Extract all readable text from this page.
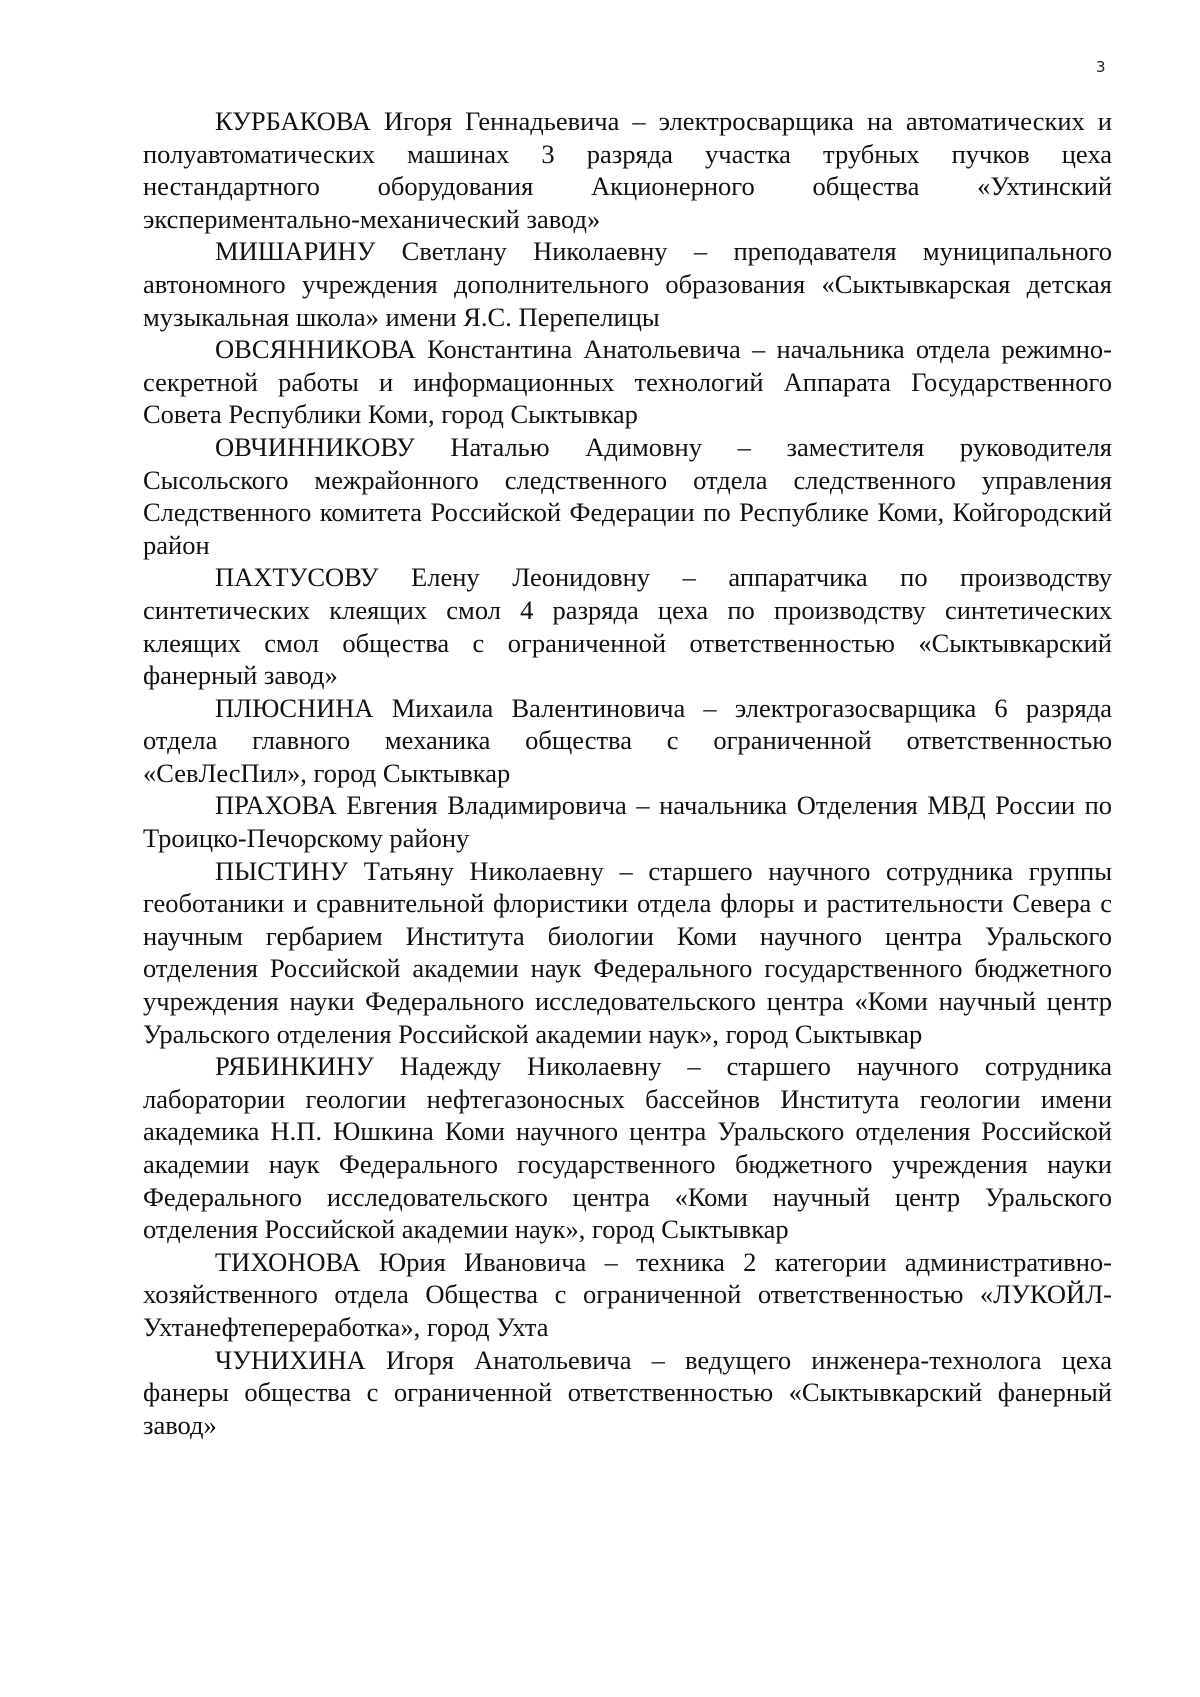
3

КУРБАКОВА Игоря Геннадьевича – электросварщика на автоматических и полуавтоматических машинах 3 разряда участка трубных пучков цеха нестандартного оборудования Акционерного общества «Ухтинский экспериментально-механический завод»

МИШАРИНУ Светлану Николаевну – преподавателя муниципального автономного учреждения дополнительного образования «Сыктывкарская детская музыкальная школа» имени Я.С. Перепелицы

ОВСЯННИКОВА Константина Анатольевича – начальника отдела режимно-секретной работы и информационных технологий Аппарата Государственного Совета Республики Коми, город Сыктывкар

ОВЧИННИКОВУ Наталью Адимовну – заместителя руководителя Сысольского межрайонного следственного отдела следственного управления Следственного комитета Российской Федерации по Республике Коми, Койгородский район

ПАХТУСОВУ Елену Леонидовну – аппаратчика по производству синтетических клеящих смол 4 разряда цеха по производству синтетических клеящих смол общества с ограниченной ответственностью «Сыктывкарский фанерный завод»

ПЛЮСНИНА Михаила Валентиновича – электрогазосварщика 6 разряда отдела главного механика общества с ограниченной ответственностью «СевЛесПил», город Сыктывкар

ПРАХОВА Евгения Владимировича – начальника Отделения МВД России по Троицко-Печорскому району

ПЫСТИНУ Татьяну Николаевну – старшего научного сотрудника группы геоботаники и сравнительной флористики отдела флоры и растительности Севера с научным гербарием Института биологии Коми научного центра Уральского отделения Российской академии наук Федерального государственного бюджетного учреждения науки Федерального исследовательского центра «Коми научный центр Уральского отделения Российской академии наук», город Сыктывкар

РЯБИНКИНУ Надежду Николаевну – старшего научного сотрудника лаборатории геологии нефтегазоносных бассейнов Института геологии имени академика Н.П. Юшкина Коми научного центра Уральского отделения Российской академии наук Федерального государственного бюджетного учреждения науки Федерального исследовательского центра «Коми научный центр Уральского отделения Российской академии наук», город Сыктывкар

ТИХОНОВА Юрия Ивановича – техника 2 категории административно-хозяйственного отдела Общества с ограниченной ответственностью «ЛУКОЙЛ-Ухтанефтепереработка», город Ухта

ЧУНИХИНА Игоря Анатольевича – ведущего инженера-технолога цеха фанеры общества с ограниченной ответственностью «Сыктывкарский фанерный завод»
